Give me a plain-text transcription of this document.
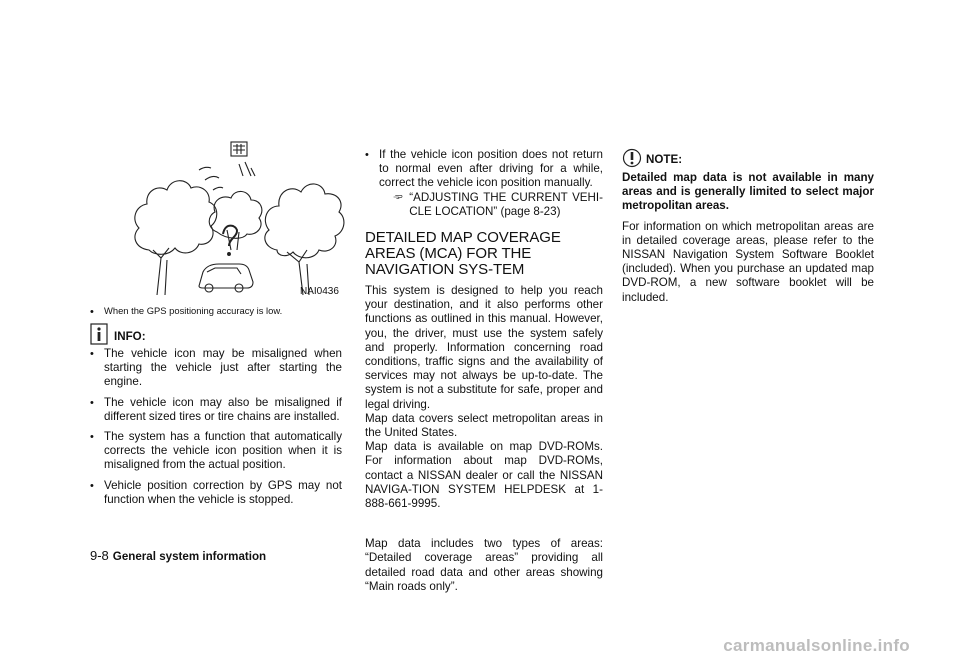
NAI0436
•	When the GPS positioning accuracy is low.
INFO:
• The vehicle icon may be misaligned when starting the vehicle just after starting the engine.
• The vehicle icon may also be misaligned if different sized tires or tire chains are installed.
• The system has a function that automatically corrects the vehicle icon position when it is misaligned from the actual position.
• Vehicle position correction by GPS may not function when the vehicle is stopped.
• If the vehicle icon position does not return to normal even after driving for a while, correct the vehicle icon position manually.
“ADJUSTING THE CURRENT VEHI-CLE LOCATION” (page 8-23)
DETAILED MAP COVERAGE AREAS (MCA) FOR THE NAVIGATION SYS-TEM

This system is designed to help you reach your destination, and it also performs other functions as outlined in this manual. However, you, the driver, must use the system safely and properly. Information concerning road conditions, traffic signs and the availability of services may not always be up-to-date. The system is not a substitute for safe, proper and legal driving.

Map data covers select metropolitan areas in the United States.

Map data is available on map DVD-ROMs. For information about map DVD-ROMs, contact a NISSAN dealer or call the NISSAN NAVIGA-TION SYSTEM HELPDESK at 1-888-661-9995.

Map data includes two types of areas: “Detailed coverage areas” providing all detailed road data and other areas showing “Main roads only”.

NOTE:

Detailed map data is not available in many areas and is generally limited to select major metropolitan areas.

For information on which metropolitan areas are in detailed coverage areas, please refer to the NISSAN Navigation System Software Booklet (included). When you purchase an updated map DVD-ROM, a new software booklet will be included.

9-8 General system information
carmanualsonline.info
